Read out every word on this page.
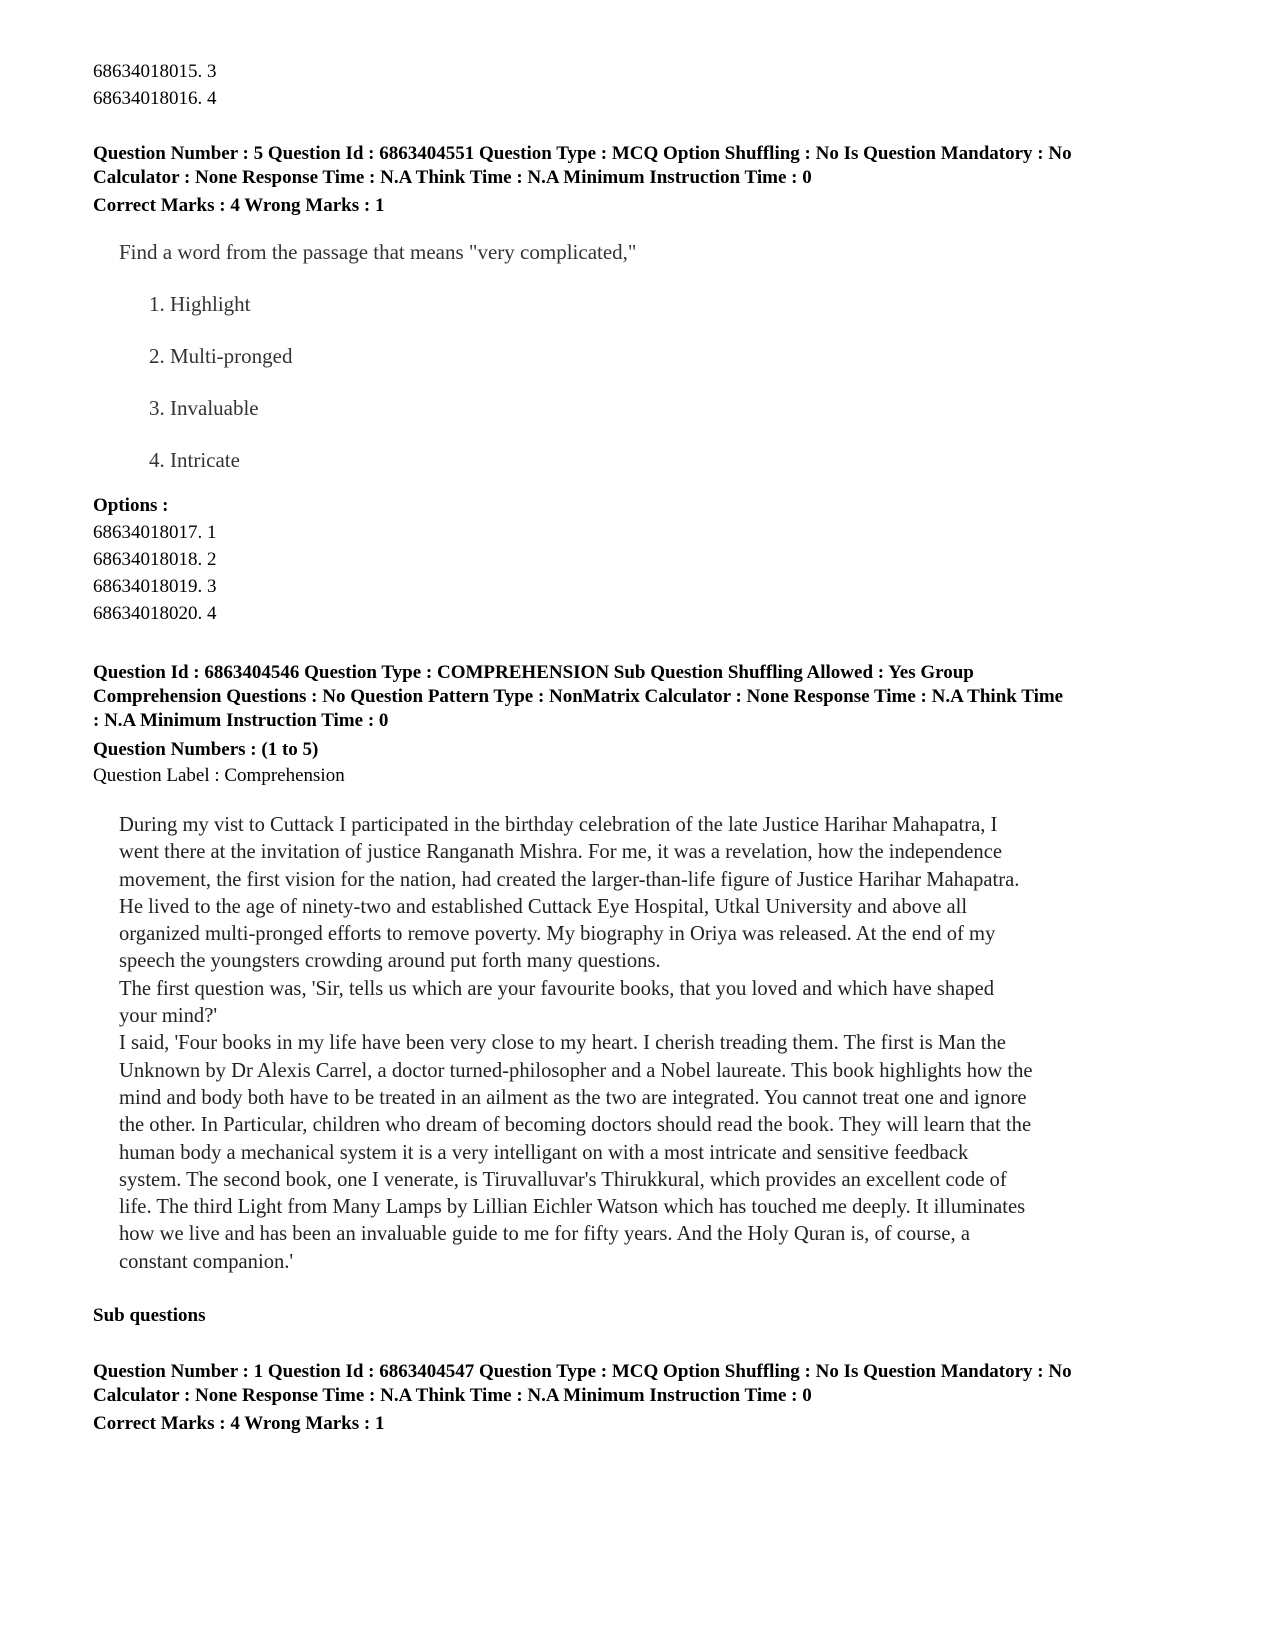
68634018015. 3
68634018016. 4
Question Number : 5 Question Id : 6863404551 Question Type : MCQ Option Shuffling : No Is Question Mandatory : No
Calculator : None Response Time : N.A Think Time : N.A Minimum Instruction Time : 0
Correct Marks : 4 Wrong Marks : 1
Find a word from the passage that means "very complicated,"
1. Highlight
2. Multi-pronged
3. Invaluable
4. Intricate
Options :
68634018017. 1
68634018018. 2
68634018019. 3
68634018020. 4
Question Id : 6863404546 Question Type : COMPREHENSION Sub Question Shuffling Allowed : Yes Group
Comprehension Questions : No Question Pattern Type : NonMatrix Calculator : None Response Time : N.A Think Time
: N.A Minimum Instruction Time : 0
Question Numbers : (1 to 5)
Question Label : Comprehension

During my vist to Cuttack I participated in the birthday celebration of the late Justice Harihar Mahapatra, I

went there at the invitation of justice Ranganath Mishra. For me, it was a revelation, how the independence

movement, the first vision for the nation, had created the larger-than-life figure of Justice Harihar Mahapatra.

He lived to the age of ninety-two and established Cuttack Eye Hospital, Utkal University and above all

organized multi-pronged efforts to remove poverty. My biography in Oriya was released. At the end of my

speech the youngsters crowding around put forth many questions.

The first question was, 'Sir, tells us which are your favourite books, that you loved and which have shaped

your mind?'

I said, 'Four books in my life have been very close to my heart. I cherish treading them. The first is Man the

Unknown by Dr Alexis Carrel, a doctor turned-philosopher and a Nobel laureate. This book highlights how the

mind and body both have to be treated in an ailment as the two are integrated. You cannot treat one and ignore

the other. In Particular, children who dream of becoming doctors should read the book. They will learn that the

human body a mechanical system it is a very intelligant on with a most intricate and sensitive feedback

system. The second book, one I venerate, is Tiruvalluvar's Thirukkural, which provides an excellent code of

life. The third Light from Many Lamps by Lillian Eichler Watson which has touched me deeply. It illuminates

how we live and has been an invaluable guide to me for fifty years. And the Holy Quran is, of course, a

constant companion.'

Sub questions
Question Number : 1 Question Id : 6863404547 Question Type : MCQ Option Shuffling : No Is Question Mandatory : No
Calculator : None Response Time : N.A Think Time : N.A Minimum Instruction Time : 0
Correct Marks : 4 Wrong Marks : 1
